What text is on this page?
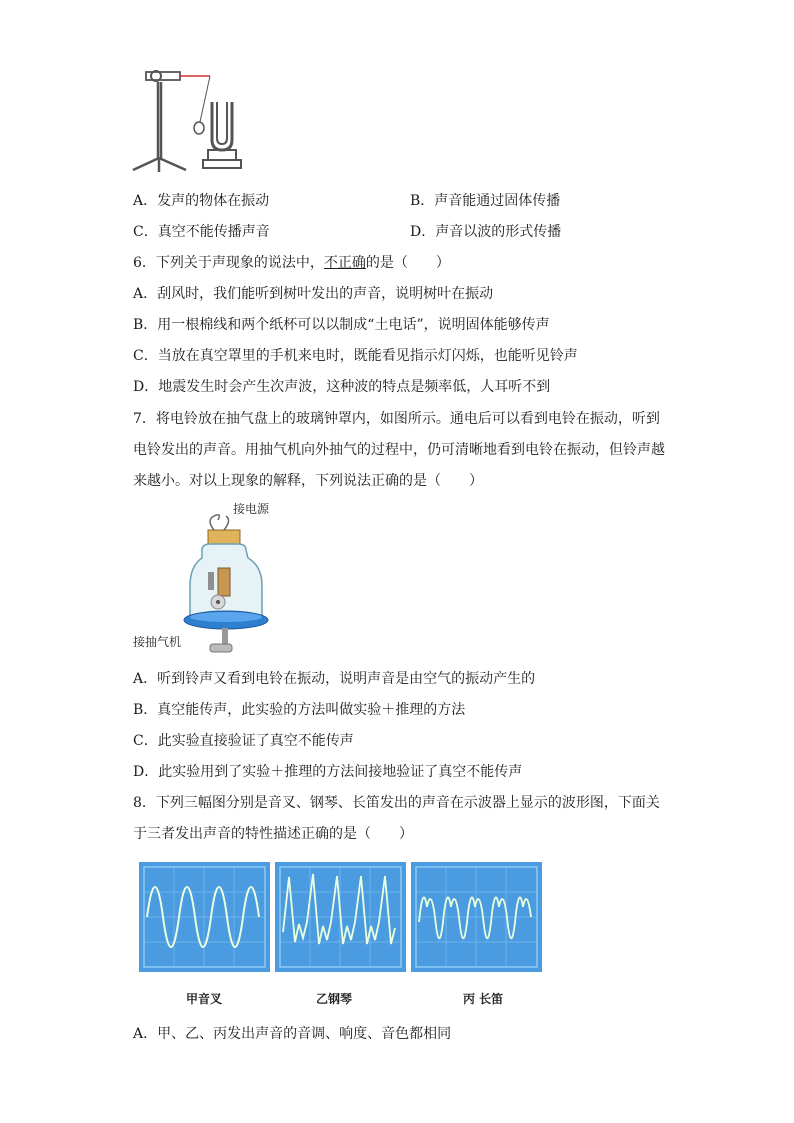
A．发声的物体在振动	B．声音能通过固体传播
C．真空不能传播声音	D．声音以波的形式传播
6．下列关于声现象的说法中，不正确的是（　　）
A．刮风时，我们能听到树叶发出的声音，说明树叶在振动
B．用一根棉线和两个纸杯可以以制成“土电话”，说明固体能够传声
C．当放在真空罩里的手机来电时，既能看见指示灯闪烁，也能听见铃声
D．地震发生时会产生次声波，这种波的特点是频率低，人耳听不到
7．将电铃放在抽气盘上的玻璃钟罩内，如图所示。通电后可以看到电铃在振动，听到
电铃发出的声音。用抽气机向外抽气的过程中，仍可清晰地看到电铃在振动，但铃声越
来越小。对以上现象的解释，下列说法正确的是（　　）
接电源
接抽气机
A．听到铃声又看到电铃在振动，说明声音是由空气的振动产生的
B．真空能传声，此实验的方法叫做实验＋推理的方法
C．此实验直接验证了真空不能传声
D．此实验用到了实验＋推理的方法间接地验证了真空不能传声
8．下列三幅图分别是音叉、钢琴、长笛发出的声音在示波器上显示的波形图，下面关
于三者发出声音的特性描述正确的是（　　）
甲音叉	乙钢琴	丙 长笛
A．甲、乙、丙发出声音的音调、响度、音色都相同
